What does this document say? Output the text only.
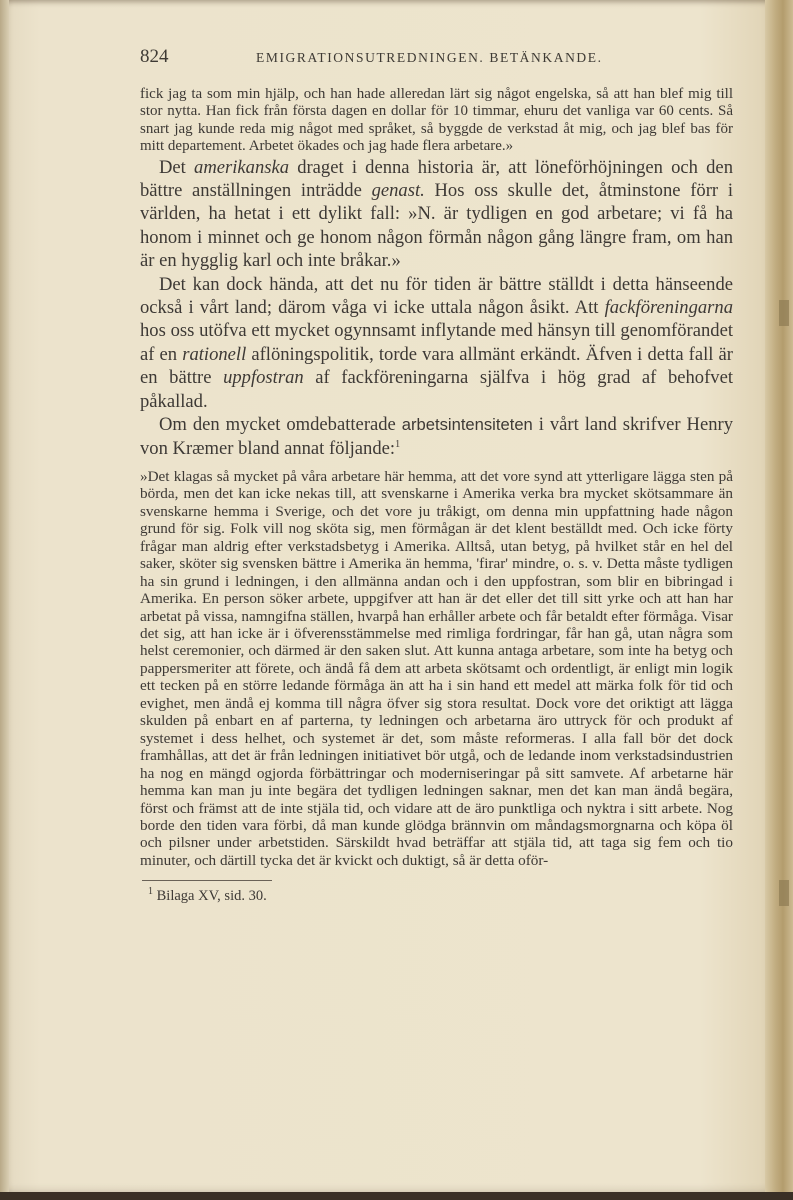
824	EMIGRATIONSUTREDNINGEN. BETÄNKANDE.

fick jag ta som min hjälp, och han hade alleredan lärt sig något engelska, så att han blef mig till stor nytta. Han fick från första dagen en dollar för 10 timmar, ehuru det vanliga var 60 cents. Så snart jag kunde reda mig något med språket, så byggde de verkstad åt mig, och jag blef bas för mitt departement. Arbetet ökades och jag hade flera arbetare.»

Det amerikanska draget i denna historia är, att löneförhöjningen och den bättre anställningen inträdde genast. Hos oss skulle det, åtminstone förr i världen, ha hetat i ett dylikt fall: »N. är tydligen en god arbetare; vi få ha honom i minnet och ge honom någon förmån någon gång längre fram, om han är en hygglig karl och inte bråkar.»

Det kan dock hända, att det nu för tiden är bättre ställdt i detta hänseende också i vårt land; därom våga vi icke uttala någon åsikt. Att fackföreningarna hos oss utöfva ett mycket ogynnsamt inflytande med hänsyn till genomförandet af en rationell aflöningspolitik, torde vara allmänt erkändt. Äfven i detta fall är en bättre uppfostran af fackföreningarna själfva i hög grad af behofvet påkallad.

Om den mycket omdebatterade arbetsintensiteten i vårt land skrifver Henry von Kræmer bland annat följande:$^1$

»Det klagas så mycket på våra arbetare här hemma, att det vore synd att ytterligare lägga sten på börda, men det kan icke nekas till, att svenskarne i Amerika verka bra mycket skötsammare än svenskarne hemma i Sverige, och det vore ju tråkigt, om denna min uppfattning hade någon grund för sig. Folk vill nog sköta sig, men förmågan är det klent beställdt med. Och icke förty frågar man aldrig efter verkstadsbetyg i Amerika. Alltså, utan betyg, på hvilket står en hel del saker, sköter sig svensken bättre i Amerika än hemma, 'firar' mindre, o. s. v. Detta måste tydligen ha sin grund i ledningen, i den allmänna andan och i den uppfostran, som blir en bibringad i Amerika. En person söker arbete, uppgifver att han är det eller det till sitt yrke och att han har arbetat på vissa, namngifna ställen, hvarpå han erhåller arbete och får betaldt efter förmåga. Visar det sig, att han icke är i öfverensstämmelse med rimliga fordringar, får han gå, utan några som helst ceremonier, och därmed är den saken slut. Att kunna antaga arbetare, som inte ha betyg och pappersmeriter att förete, och ändå få dem att arbeta skötsamt och ordentligt, är enligt min logik ett tecken på en större ledande förmåga än att ha i sin hand ett medel att märka folk för tid och evighet, men ändå ej komma till några öfver sig stora resultat. Dock vore det oriktigt att lägga skulden på enbart en af parterna, ty ledningen och arbetarna äro uttryck för och produkt af systemet i dess helhet, och systemet är det, som måste reformeras. I alla fall bör det dock framhållas, att det är från ledningen initiativet bör utgå, och de ledande inom verkstadsindustrien ha nog en mängd ogjorda förbättringar och moderniseringar på sitt samvete. Af arbetarne här hemma kan man ju inte begära det tydligen ledningen saknar, men det kan man ändå begära, först och främst att de inte stjäla tid, och vidare att de äro punktliga och nyktra i sitt arbete. Nog borde den tiden vara förbi, då man kunde glödga brännvin om måndagsmorgnarna och köpa öl och pilsner under arbetstiden. Särskildt hvad beträffar att stjäla tid, att taga sig fem och tio minuter, och därtill tycka det är kvickt och duktigt, så är detta oför-

$^1$ Bilaga XV, sid. 30.
